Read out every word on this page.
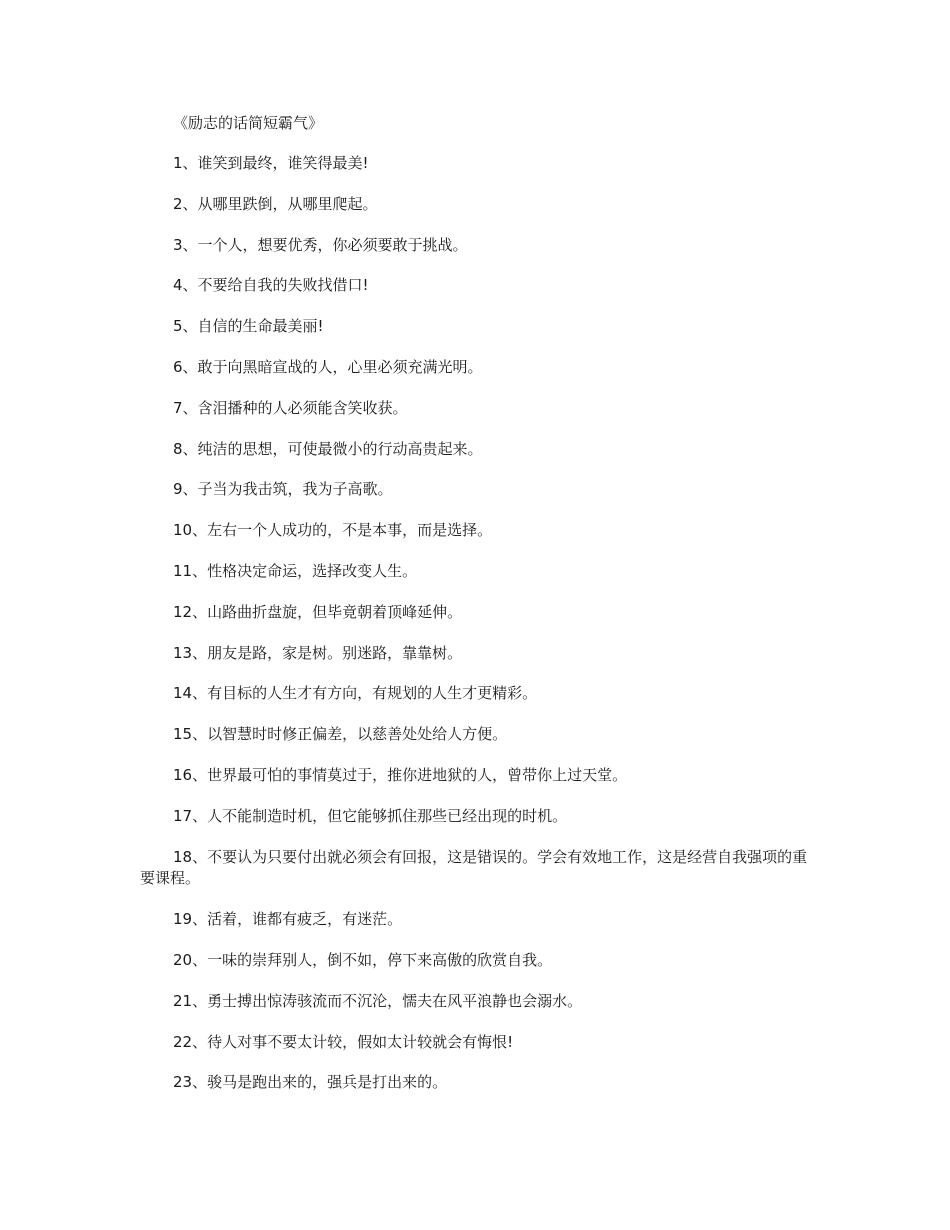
《励志的话简短霸气》

1、谁笑到最终，谁笑得最美!

2、从哪里跌倒，从哪里爬起。

3、一个人，想要优秀，你必须要敢于挑战。

4、不要给自我的失败找借口!

5、自信的生命最美丽!

6、敢于向黑暗宣战的人，心里必须充满光明。

7、含泪播种的人必须能含笑收获。

8、纯洁的思想，可使最微小的行动高贵起来。

9、子当为我击筑，我为子高歌。

10、左右一个人成功的，不是本事，而是选择。

11、性格决定命运，选择改变人生。

12、山路曲折盘旋，但毕竟朝着顶峰延伸。

13、朋友是路，家是树。别迷路，靠靠树。

14、有目标的人生才有方向，有规划的人生才更精彩。

15、以智慧时时修正偏差，以慈善处处给人方便。

16、世界最可怕的事情莫过于，推你进地狱的人，曾带你上过天堂。

17、人不能制造时机，但它能够抓住那些已经出现的时机。

18、不要认为只要付出就必须会有回报，这是错误的。学会有效地工作，这是经营自我强项的重要课程。

19、活着，谁都有疲乏，有迷茫。

20、一味的崇拜别人，倒不如，停下来高傲的欣赏自我。

21、勇士搏出惊涛骇流而不沉沦，懦夫在风平浪静也会溺水。

22、待人对事不要太计较，假如太计较就会有悔恨!

23、骏马是跑出来的，强兵是打出来的。
